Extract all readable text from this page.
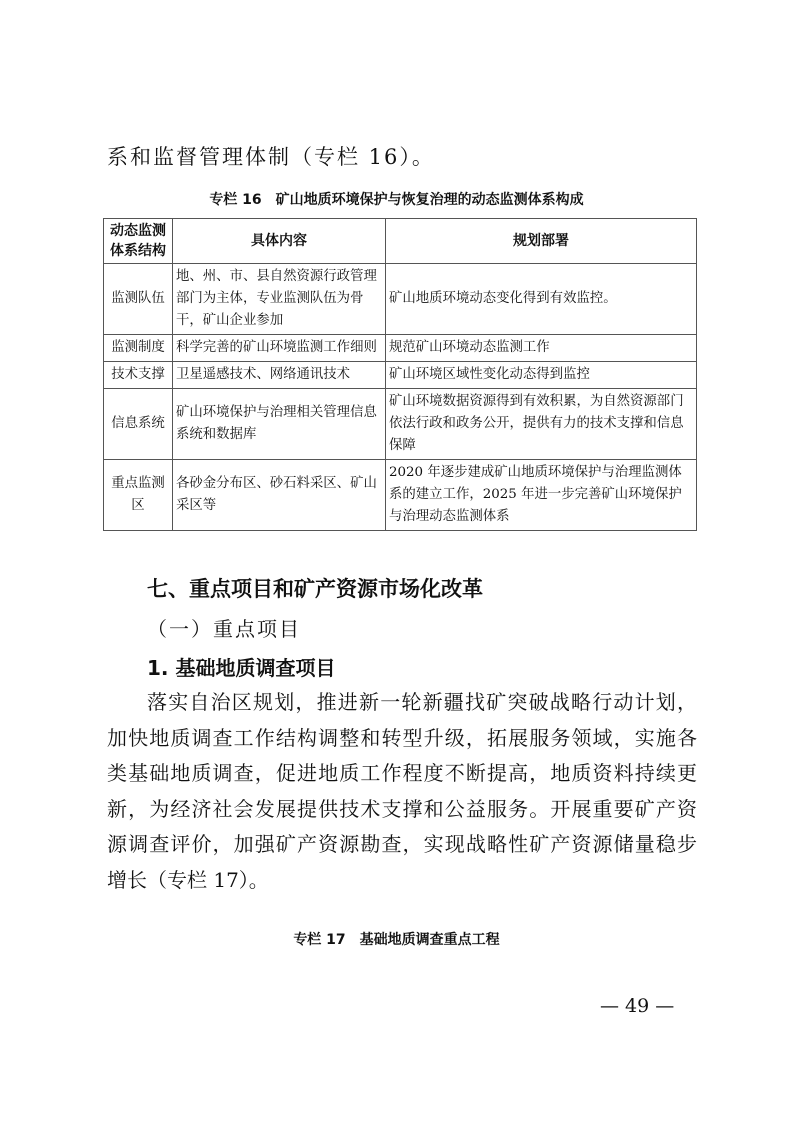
系和监督管理体制（专栏 16）。
专栏 16　矿山地质环境保护与恢复治理的动态监测体系构成
动态监测体系结构	具体内容	规划部署
监测队伍	地、州、市、县自然资源行政管理部门为主体，专业监测队伍为骨干，矿山企业参加	矿山地质环境动态变化得到有效监控。
监测制度	科学完善的矿山环境监测工作细则	规范矿山环境动态监测工作
技术支撑	卫星遥感技术、网络通讯技术	矿山环境区域性变化动态得到监控
信息系统	矿山环境保护与治理相关管理信息系统和数据库	矿山环境数据资源得到有效积累，为自然资源部门依法行政和政务公开，提供有力的技术支撑和信息保障
重点监测区	各砂金分布区、砂石料采区、矿山采区等	2020 年逐步建成矿山地质环境保护与治理监测体系的建立工作，2025 年进一步完善矿山环境保护与治理动态监测体系
七、重点项目和矿产资源市场化改革
（一）重点项目
1. 基础地质调查项目
落实自治区规划，推进新一轮新疆找矿突破战略行动计划，
加快地质调查工作结构调整和转型升级，拓展服务领域，实施各
类基础地质调查，促进地质工作程度不断提高，地质资料持续更
新，为经济社会发展提供技术支撑和公益服务。开展重要矿产资
源调查评价，加强矿产资源勘查，实现战略性矿产资源储量稳步
增长（专栏 17）。
专栏 17　基础地质调查重点工程
— 49 —
